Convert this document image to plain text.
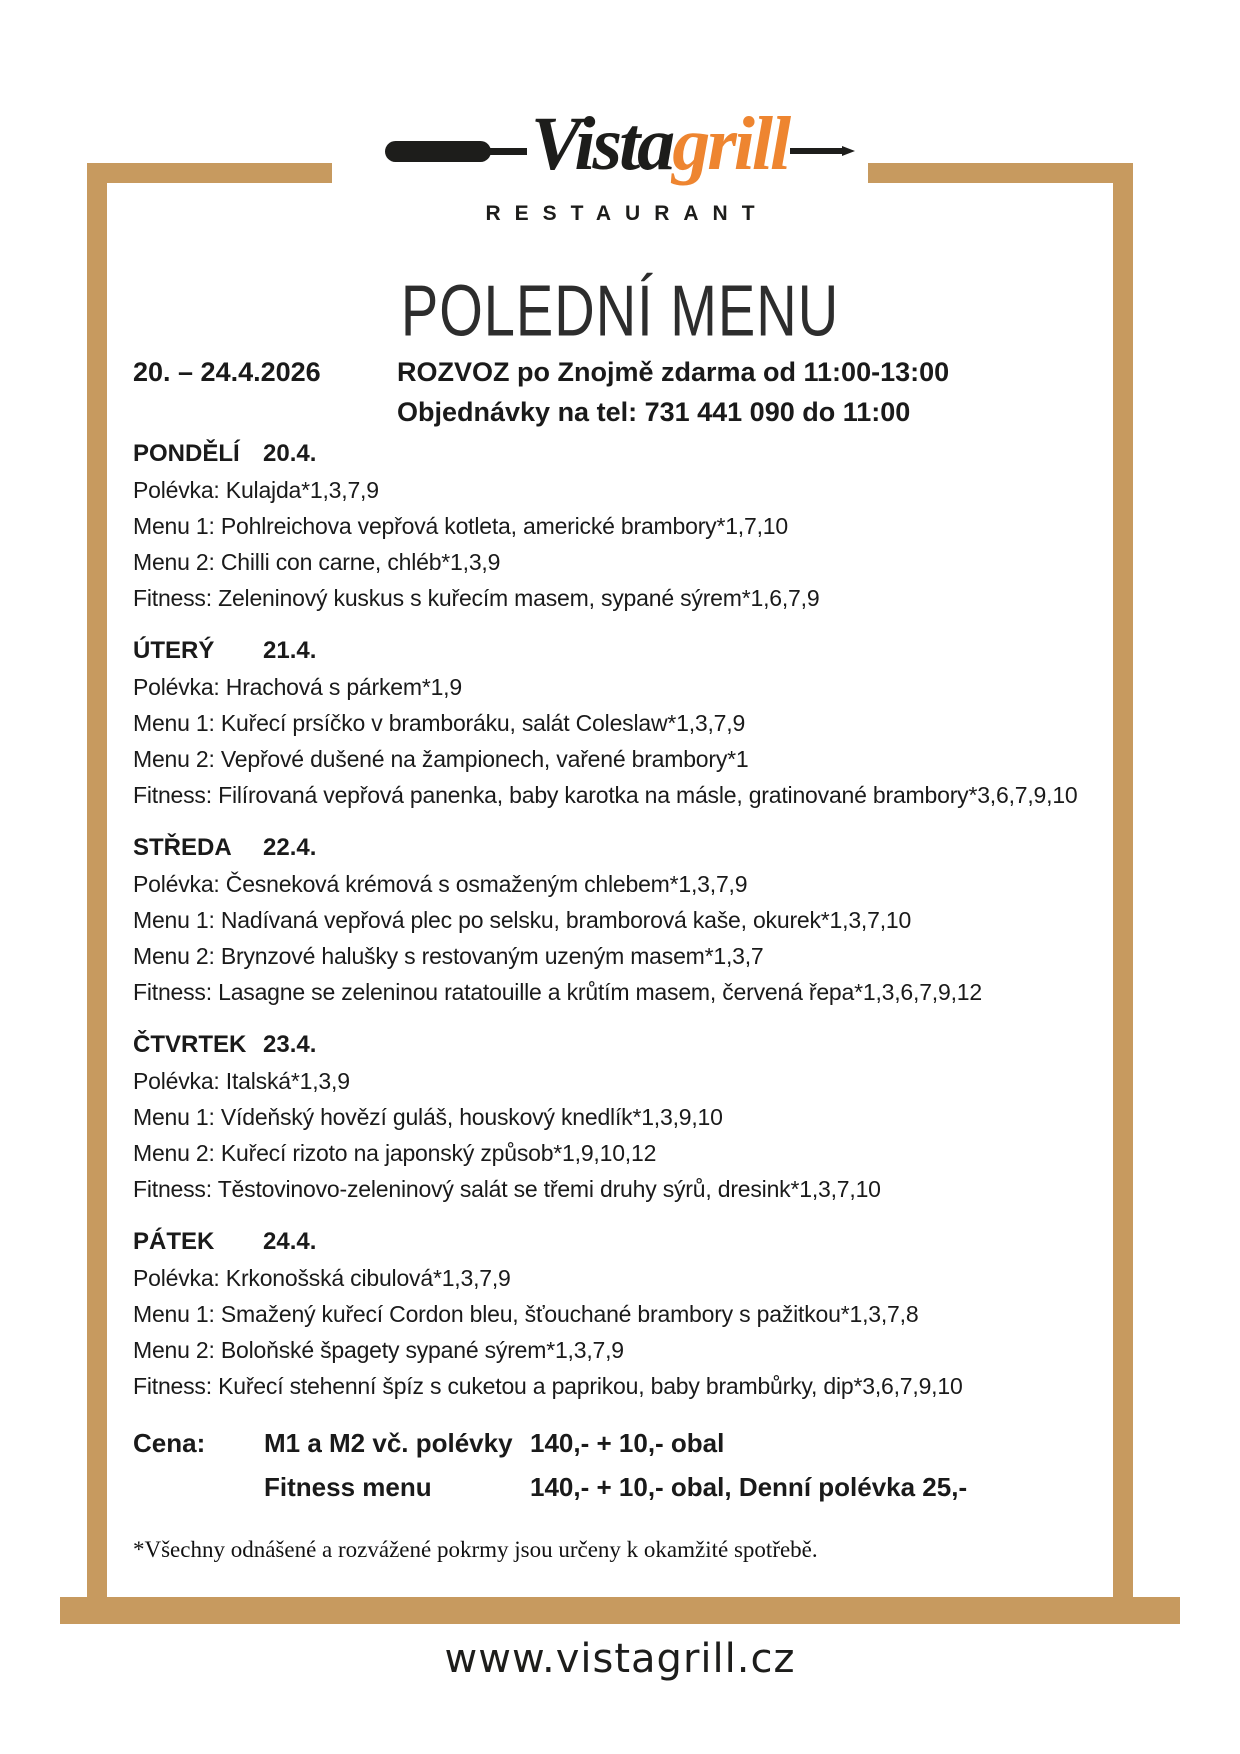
Vistagrill
RESTAURANT
POLEDNÍ MENU
20. – 24.4.2026	ROZVOZ po Znojmě zdarma od 11:00-13:00
Objednávky na tel: 731 441 090 do 11:00
PONDĚLÍ 20.4.
Polévka: Kulajda*1,3,7,9
Menu 1: Pohlreichova vepřová kotleta, americké brambory*1,7,10
Menu 2: Chilli con carne, chléb*1,3,9
Fitness: Zeleninový kuskus s kuřecím masem, sypané sýrem*1,6,7,9
ÚTERÝ 21.4.
Polévka: Hrachová s párkem*1,9
Menu 1: Kuřecí prsíčko v bramboráku, salát Coleslaw*1,3,7,9
Menu 2: Vepřové dušené na žampionech, vařené brambory*1
Fitness: Filírovaná vepřová panenka, baby karotka na másle, gratinované brambory*3,6,7,9,10
STŘEDA 22.4.
Polévka: Česneková krémová s osmaženým chlebem*1,3,7,9
Menu 1: Nadívaná vepřová plec po selsku, bramborová kaše, okurek*1,3,7,10
Menu 2: Brynzové halušky s restovaným uzeným masem*1,3,7
Fitness: Lasagne se zeleninou ratatouille a krůtím masem, červená řepa*1,3,6,7,9,12
ČTVRTEK 23.4.
Polévka: Italská*1,3,9
Menu 1: Vídeňský hovězí guláš, houskový knedlík*1,3,9,10
Menu 2: Kuřecí rizoto na japonský způsob*1,9,10,12
Fitness: Těstovinovo-zeleninový salát se třemi druhy sýrů, dresink*1,3,7,10
PÁTEK 24.4.
Polévka: Krkonošská cibulová*1,3,7,9
Menu 1: Smažený kuřecí Cordon bleu, šťouchané brambory s pažitkou*1,3,7,8
Menu 2: Boloňské špagety sypané sýrem*1,3,7,9
Fitness: Kuřecí stehenní špíz s cuketou a paprikou, baby brambůrky, dip*3,6,7,9,10
Cena: M1 a M2 vč. polévky 140,- + 10,- obal
Fitness menu	140,- + 10,- obal, Denní polévka 25,-
*Všechny odnášené a rozvážené pokrmy jsou určeny k okamžité spotřebě.
www.vistagrill.cz
